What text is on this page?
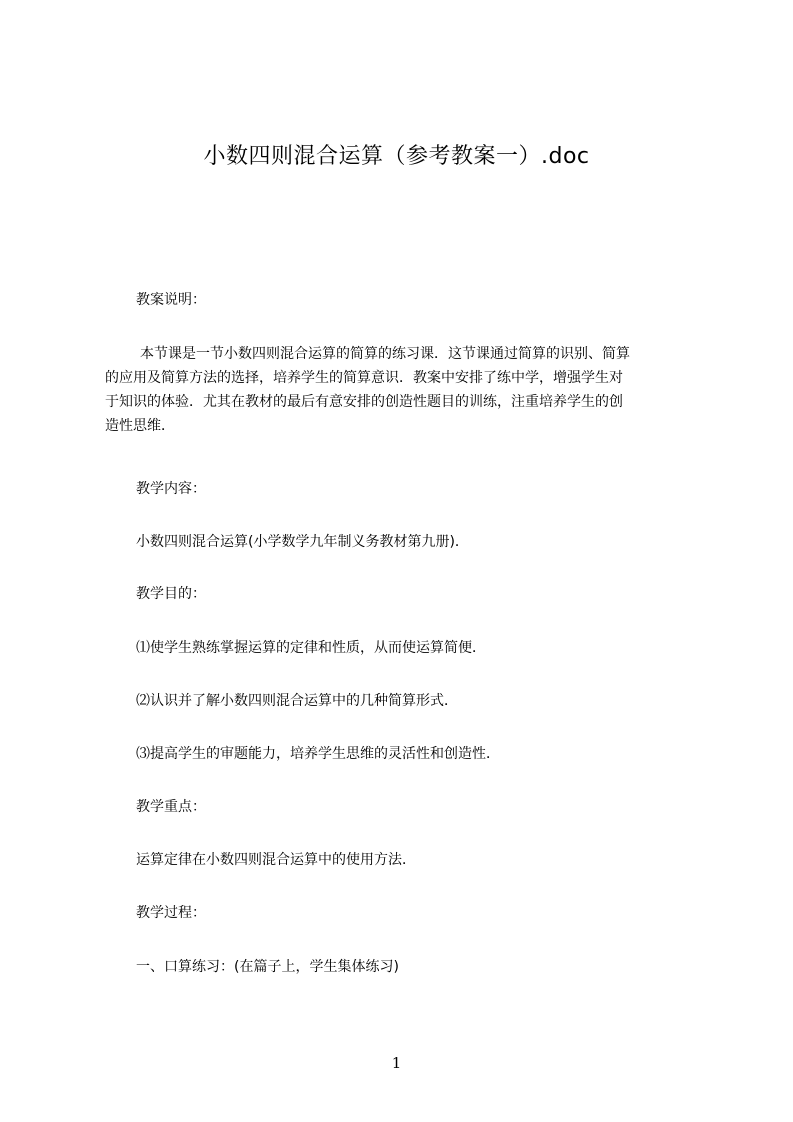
小数四则混合运算（参考教案一）.doc
教案说明：
本节课是一节小数四则混合运算的简算的练习课．这节课通过简算的识别、简算
的应用及简算方法的选择，培养学生的简算意识．教案中安排了练中学，增强学生对
于知识的体验．尤其在教材的最后有意安排的创造性题目的训练，注重培养学生的创
造性思维．
教学内容：
小数四则混合运算(小学数学九年制义务教材第九册)．
教学目的：
⑴使学生熟练掌握运算的定律和性质，从而使运算简便．
⑵认识并了解小数四则混合运算中的几种简算形式．
⑶提高学生的审题能力，培养学生思维的灵活性和创造性．
教学重点：
运算定律在小数四则混合运算中的使用方法．
教学过程：
一、口算练习：(在篇子上，学生集体练习)
1
